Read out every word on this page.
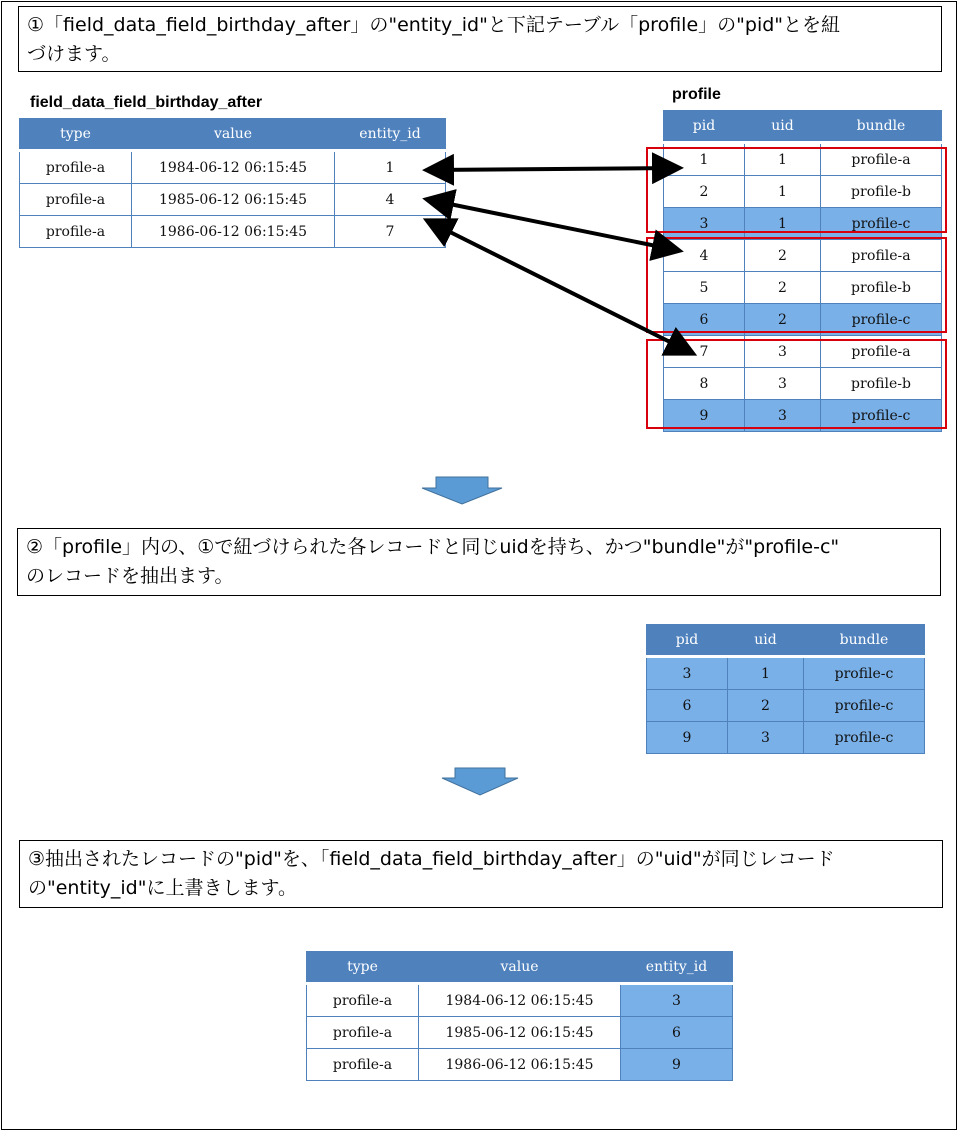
①「field_data_field_birthday_after」の"entity_id"と下記テーブル「profile」の"pid"とを紐
づけます。
field_data_field_birthday_after
type	value	entity_id
profile-a	1984-06-12 06:15:45	1
profile-a	1985-06-12 06:15:45	4
profile-a	1986-06-12 06:15:45	7
profile
pid	uid	bundle
1	1	profile-a
2	1	profile-b
3	1	profile-c
4	2	profile-a
5	2	profile-b
6	2	profile-c
7	3	profile-a
8	3	profile-b
9	3	profile-c
②「profile」内の、①で紐づけられた各レコードと同じuidを持ち、かつ"bundle"が"profile-c"
のレコードを抽出ます。
pid	uid	bundle
3	1	profile-c
6	2	profile-c
9	3	profile-c
③抽出されたレコードの"pid"を、「field_data_field_birthday_after」の"uid"が同じレコード
の"entity_id"に上書きします。
type	value	entity_id
profile-a	1984-06-12 06:15:45	3
profile-a	1985-06-12 06:15:45	6
profile-a	1986-06-12 06:15:45	9
